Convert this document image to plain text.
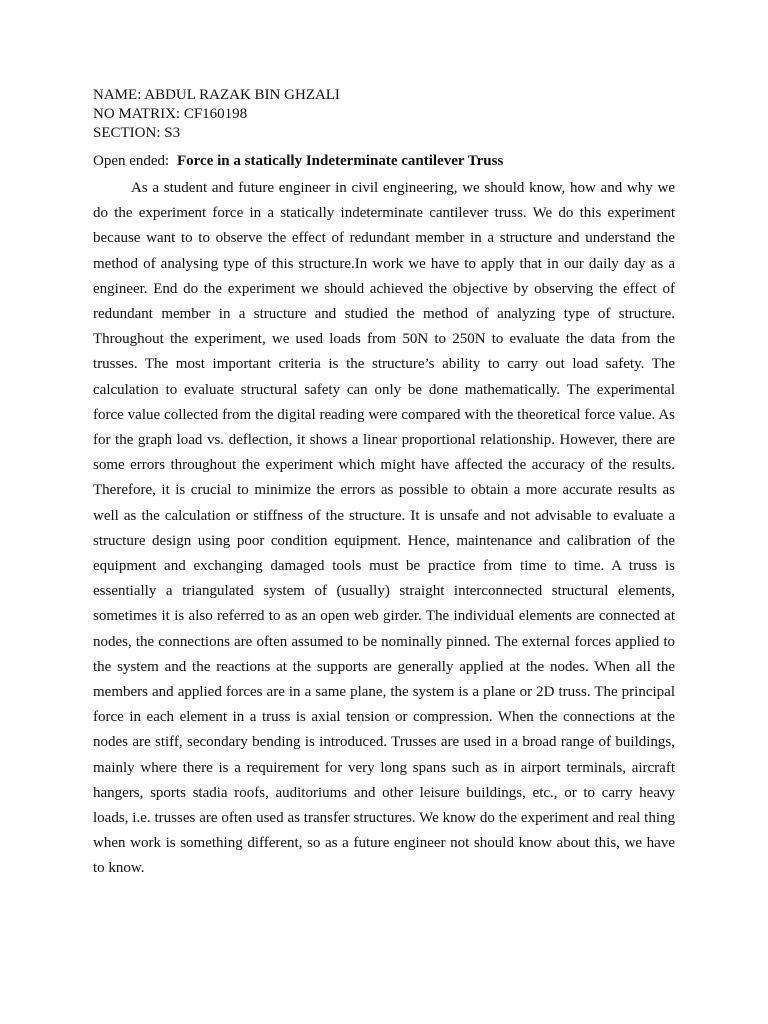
NAME: ABDUL RAZAK BIN GHZALI
NO MATRIX: CF160198
SECTION: S3
Open ended: Force in a statically Indeterminate cantilever Truss

As a student and future engineer in civil engineering, we should know, how and why we do the experiment force in a statically indeterminate cantilever truss. We do this experiment because want to to observe the effect of redundant member in a structure and understand the method of analysing type of this structure.In work we have to apply that in our daily day as a engineer. End do the experiment we should achieved the objective by observing the effect of redundant member in a structure and studied the method of analyzing type of structure. Throughout the experiment, we used loads from 50N to 250N to evaluate the data from the trusses. The most important criteria is the structure’s ability to carry out load safety. The calculation to evaluate structural safety can only be done mathematically. The experimental force value collected from the digital reading were compared with the theoretical force value. As for the graph load vs. deflection, it shows a linear proportional relationship. However, there are some errors throughout the experiment which might have affected the accuracy of the results. Therefore, it is crucial to minimize the errors as possible to obtain a more accurate results as well as the calculation or stiffness of the structure. It is unsafe and not advisable to evaluate a structure design using poor condition equipment. Hence, maintenance and calibration of the equipment and exchanging damaged tools must be practice from time to time. A truss is essentially a triangulated system of (usually) straight interconnected structural elements, sometimes it is also referred to as an open web girder. The individual elements are connected at nodes, the connections are often assumed to be nominally pinned. The external forces applied to the system and the reactions at the supports are generally applied at the nodes. When all the members and applied forces are in a same plane, the system is a plane or 2D truss. The principal force in each element in a truss is axial tension or compression. When the connections at the nodes are stiff, secondary bending is introduced. Trusses are used in a broad range of buildings, mainly where there is a requirement for very long spans such as in airport terminals, aircraft hangers, sports stadia roofs, auditoriums and other leisure buildings, etc., or to carry heavy loads, i.e. trusses are often used as transfer structures. We know do the experiment and real thing when work is something different, so as a future engineer not should know about this, we have to know.
